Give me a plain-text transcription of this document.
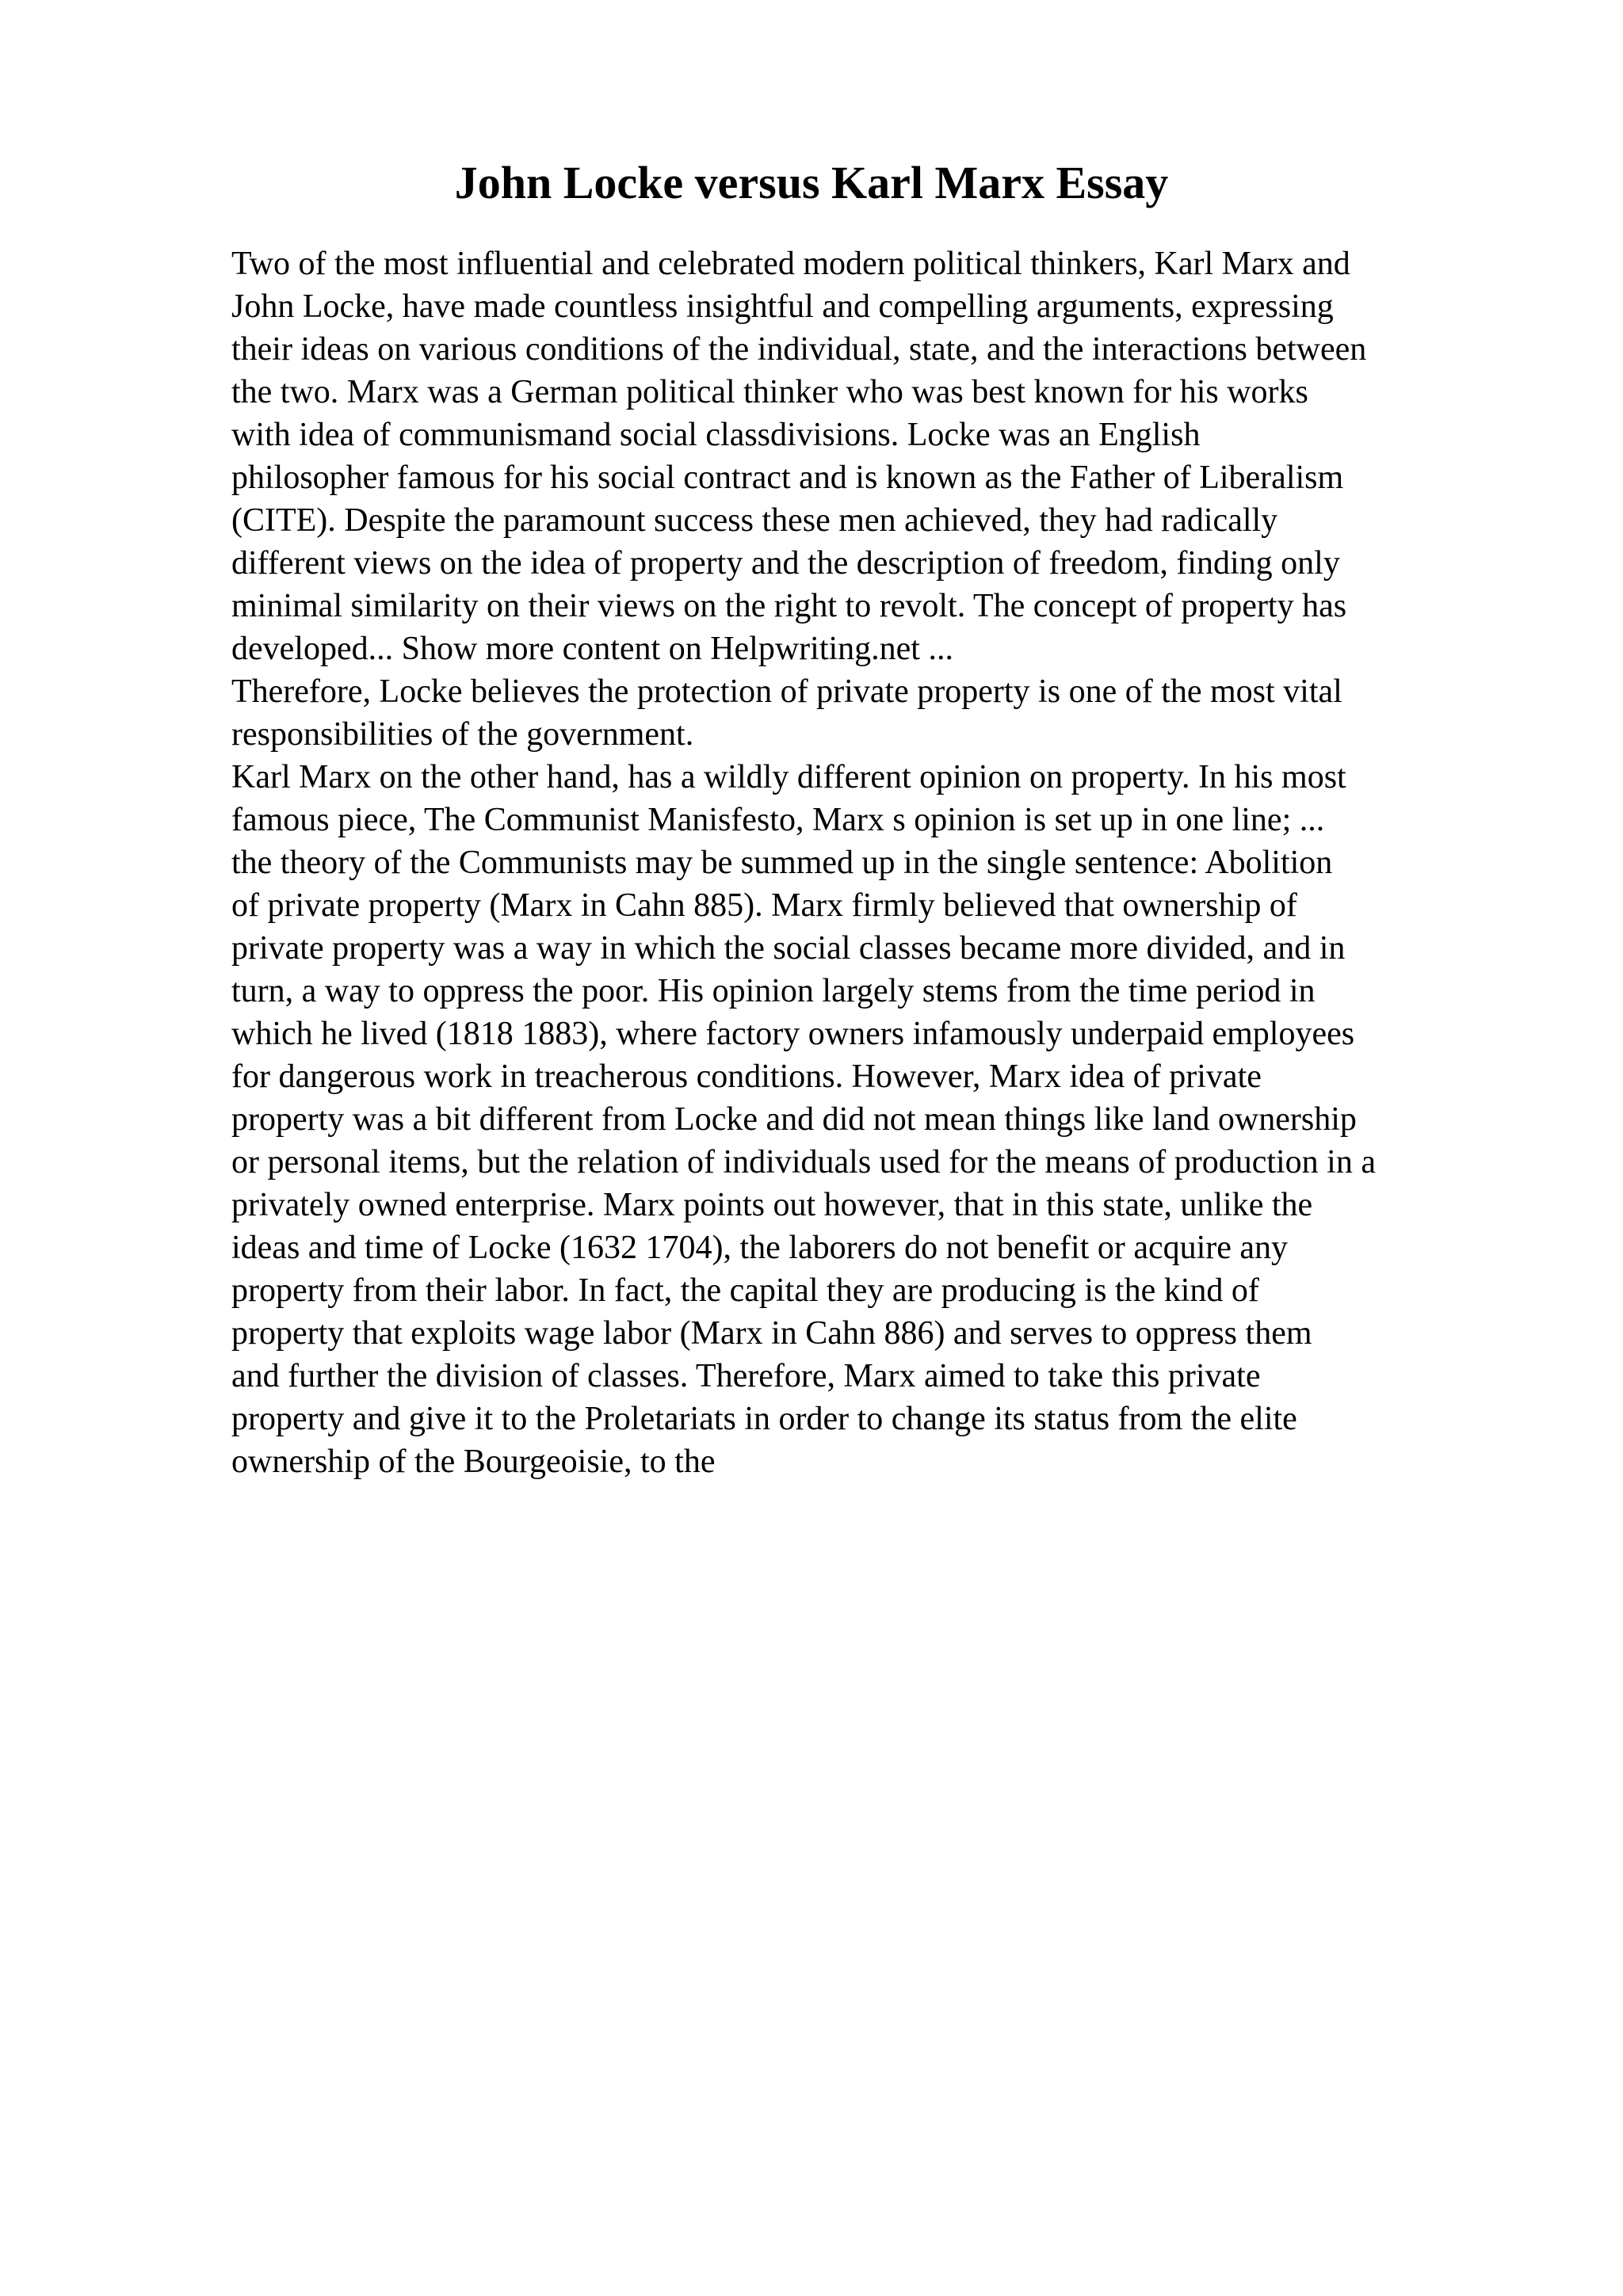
John Locke versus Karl Marx Essay
Two of the most influential and celebrated modern political thinkers, Karl Marx and
John Locke, have made countless insightful and compelling arguments, expressing
their ideas on various conditions of the individual, state, and the interactions between
the two. Marx was a German political thinker who was best known for his works
with idea of communismand social classdivisions. Locke was an English
philosopher famous for his social contract and is known as the Father of Liberalism
(CITE). Despite the paramount success these men achieved, they had radically
different views on the idea of property and the description of freedom, finding only
minimal similarity on their views on the right to revolt. The concept of property has
developed... Show more content on Helpwriting.net ...
Therefore, Locke believes the protection of private property is one of the most vital
responsibilities of the government.
Karl Marx on the other hand, has a wildly different opinion on property. In his most
famous piece, The Communist Manisfesto, Marx s opinion is set up in one line; ...
the theory of the Communists may be summed up in the single sentence: Abolition
of private property (Marx in Cahn 885). Marx firmly believed that ownership of
private property was a way in which the social classes became more divided, and in
turn, a way to oppress the poor. His opinion largely stems from the time period in
which he lived (1818 1883), where factory owners infamously underpaid employees
for dangerous work in treacherous conditions. However, Marx idea of private
property was a bit different from Locke and did not mean things like land ownership
or personal items, but the relation of individuals used for the means of production in a
privately owned enterprise. Marx points out however, that in this state, unlike the
ideas and time of Locke (1632 1704), the laborers do not benefit or acquire any
property from their labor. In fact, the capital they are producing is the kind of
property that exploits wage labor (Marx in Cahn 886) and serves to oppress them
and further the division of classes. Therefore, Marx aimed to take this private
property and give it to the Proletariats in order to change its status from the elite
ownership of the Bourgeoisie, to the
